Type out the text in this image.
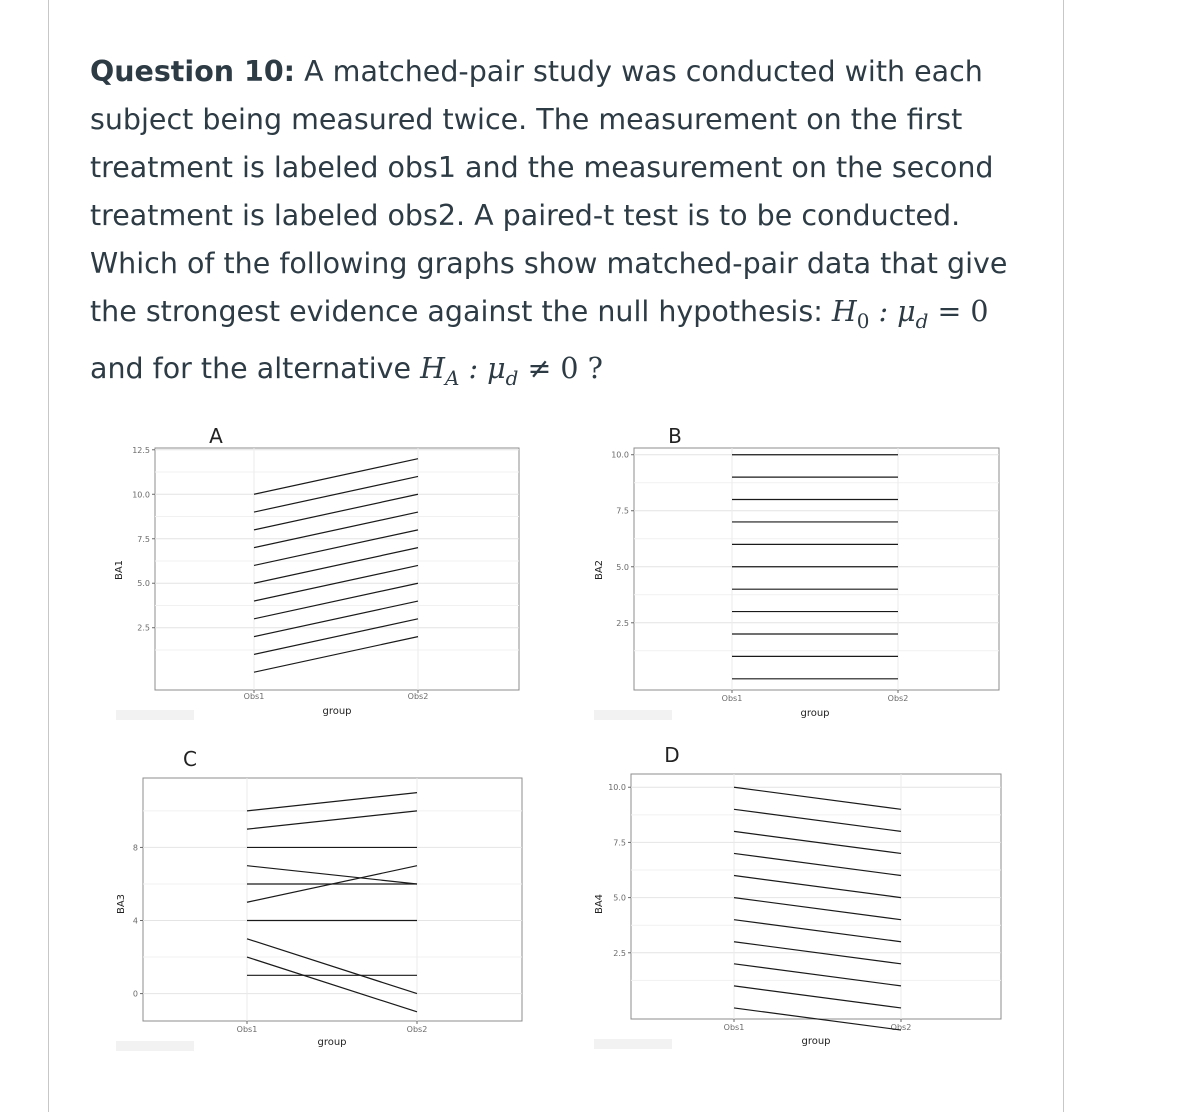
Question 10: A matched-pair study was conducted with each subject being measured twice. The measurement on the first treatment is labeled obs1 and the measurement on the second treatment is labeled obs2. A paired-t test is to be conducted. Which of the following graphs show matched-pair data that give the strongest evidence against the null hypothesis: $H_0$ : $\mu_d = 0$

and for the alternative $H_A$ : $\mu_d \ne 0$ ?

2.5
5.0
7.5
10.0
12.5
Obs1	Obs2
BA1
group
A
2.5
5.0
7.5
10.0
Obs1	Obs2
BA2
group
B
0
4
8
Obs1	Obs2
BA3
group
C
2.5
5.0
7.5
10.0
Obs1	Obs2
BA4
group
D
